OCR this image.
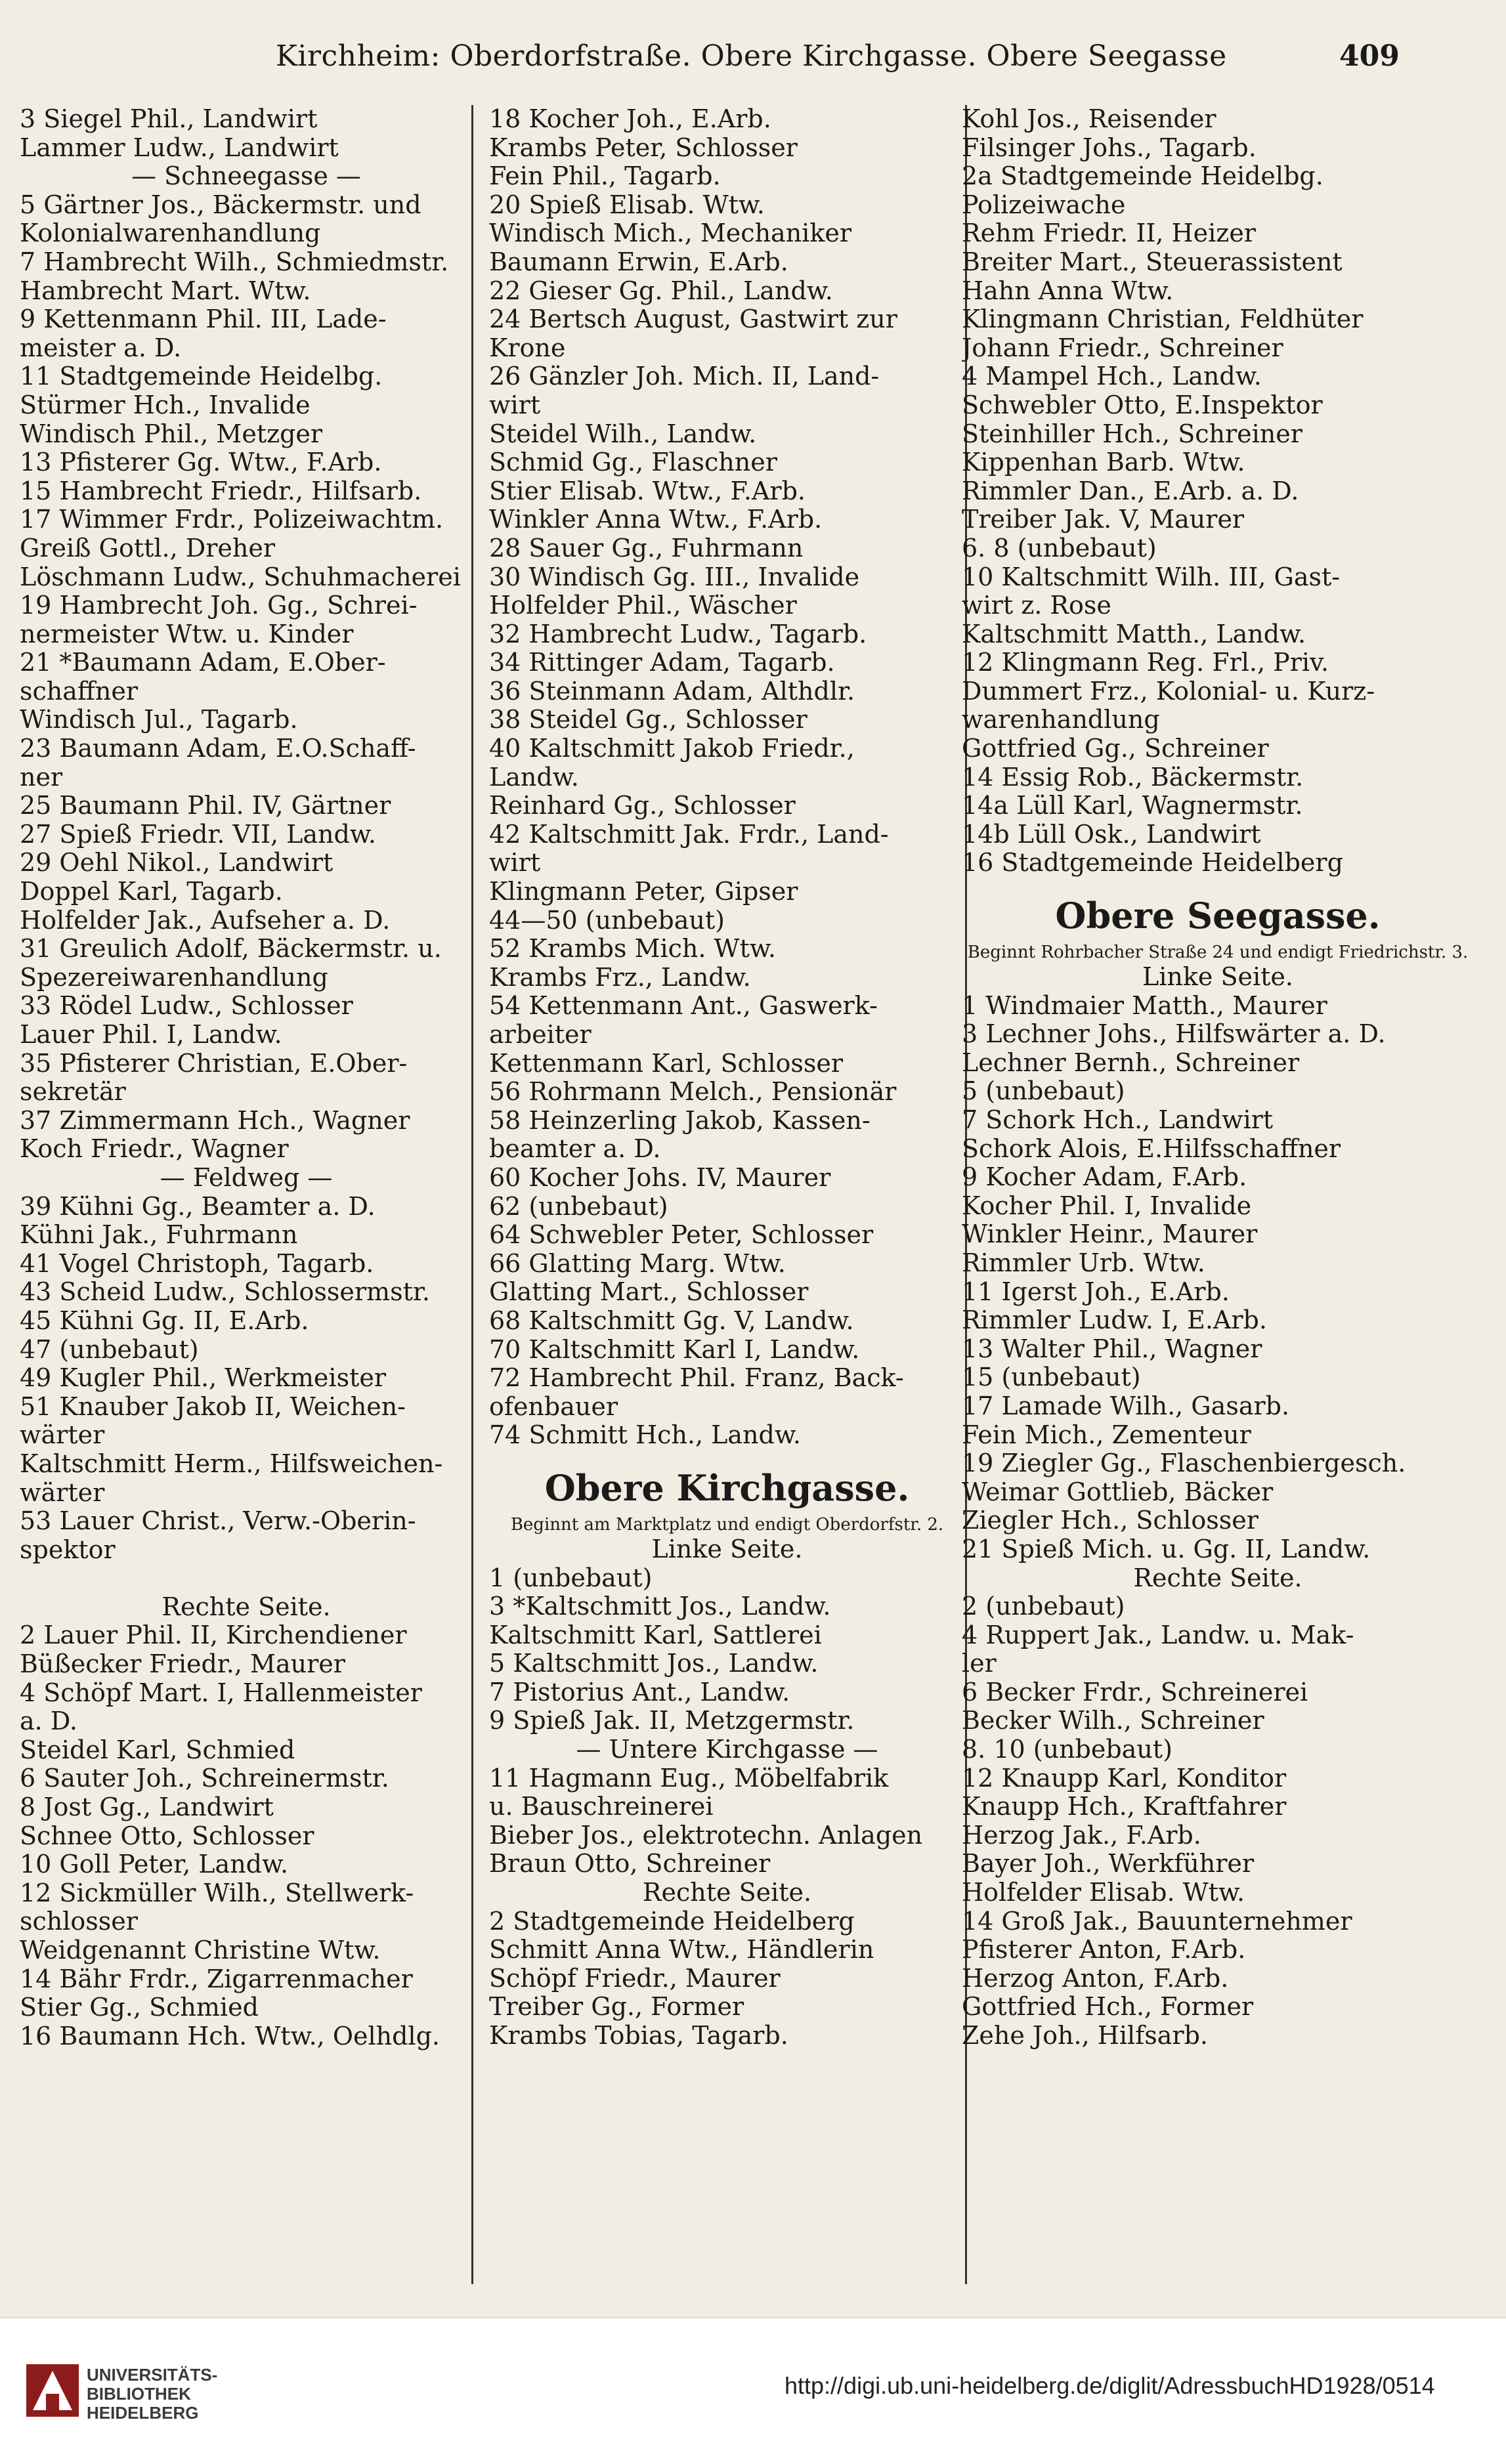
Kirchheim: Oberdorfstraße. Obere Kirchgasse. Obere Seegasse	409
3 Siegel Phil., Landwirt
Lammer Ludw., Landwirt
— Schneegasse —
5 Gärtner Jos., Bäckermstr. und
Kolonialwarenhandlung
7 Hambrecht Wilh., Schmiedmstr.
Hambrecht Mart. Wtw.
9 Kettenmann Phil. III, Lade-
meister a. D.
11 Stadtgemeinde Heidelbg.
Stürmer Hch., Invalide
Windisch Phil., Metzger
13 Pfisterer Gg. Wtw., F.Arb.
15 Hambrecht Friedr., Hilfsarb.
17 Wimmer Frdr., Polizeiwachtm.
Greiß Gottl., Dreher
Löschmann Ludw., Schuhmacherei
19 Hambrecht Joh. Gg., Schrei-
nermeister Wtw. u. Kinder
21 *Baumann Adam, E.Ober-
schaffner
Windisch Jul., Tagarb.
23 Baumann Adam, E.O.Schaff-
ner
25 Baumann Phil. IV, Gärtner
27 Spieß Friedr. VII, Landw.
29 Oehl Nikol., Landwirt
Doppel Karl, Tagarb.
Holfelder Jak., Aufseher a. D.
31 Greulich Adolf, Bäckermstr. u.
Spezereiwarenhandlung
33 Rödel Ludw., Schlosser
Lauer Phil. I, Landw.
35 Pfisterer Christian, E.Ober-
sekretär
37 Zimmermann Hch., Wagner
Koch Friedr., Wagner
— Feldweg —
39 Kühni Gg., Beamter a. D.
Kühni Jak., Fuhrmann
41 Vogel Christoph, Tagarb.
43 Scheid Ludw., Schlossermstr.
45 Kühni Gg. II, E.Arb.
47 (unbebaut)
49 Kugler Phil., Werkmeister
51 Knauber Jakob II, Weichen-
wärter
Kaltschmitt Herm., Hilfsweichen-
wärter
53 Lauer Christ., Verw.-Oberin-
spektor
Rechte Seite.
2 Lauer Phil. II, Kirchendiener
Büßecker Friedr., Maurer
4 Schöpf Mart. I, Hallenmeister
a. D.
Steidel Karl, Schmied
6 Sauter Joh., Schreinermstr.
8 Jost Gg., Landwirt
Schnee Otto, Schlosser
10 Goll Peter, Landw.
12 Sickmüller Wilh., Stellwerk-
schlosser
Weidgenannt Christine Wtw.
14 Bähr Frdr., Zigarrenmacher
Stier Gg., Schmied
16 Baumann Hch. Wtw., Oelhdlg.
18 Kocher Joh., E.Arb.
Krambs Peter, Schlosser
Fein Phil., Tagarb.
20 Spieß Elisab. Wtw.
Windisch Mich., Mechaniker
Baumann Erwin, E.Arb.
22 Gieser Gg. Phil., Landw.
24 Bertsch August, Gastwirt zur
Krone
26 Gänzler Joh. Mich. II, Land-
wirt
Steidel Wilh., Landw.
Schmid Gg., Flaschner
Stier Elisab. Wtw., F.Arb.
Winkler Anna Wtw., F.Arb.
28 Sauer Gg., Fuhrmann
30 Windisch Gg. III., Invalide
Holfelder Phil., Wäscher
32 Hambrecht Ludw., Tagarb.
34 Rittinger Adam, Tagarb.
36 Steinmann Adam, Althdlr.
38 Steidel Gg., Schlosser
40 Kaltschmitt Jakob Friedr.,
Landw.
Reinhard Gg., Schlosser
42 Kaltschmitt Jak. Frdr., Land-
wirt
Klingmann Peter, Gipser
44—50 (unbebaut)
52 Krambs Mich. Wtw.
Krambs Frz., Landw.
54 Kettenmann Ant., Gaswerk-
arbeiter
Kettenmann Karl, Schlosser
56 Rohrmann Melch., Pensionär
58 Heinzerling Jakob, Kassen-
beamter a. D.
60 Kocher Johs. IV, Maurer
62 (unbebaut)
64 Schwebler Peter, Schlosser
66 Glatting Marg. Wtw.
Glatting Mart., Schlosser
68 Kaltschmitt Gg. V, Landw.
70 Kaltschmitt Karl I, Landw.
72 Hambrecht Phil. Franz, Back-
ofenbauer
74 Schmitt Hch., Landw.
Obere Kirchgasse.
Beginnt am Marktplatz und endigt Oberdorfstr. 2.
Linke Seite.
1 (unbebaut)
3 *Kaltschmitt Jos., Landw.
Kaltschmitt Karl, Sattlerei
5 Kaltschmitt Jos., Landw.
7 Pistorius Ant., Landw.
9 Spieß Jak. II, Metzgermstr.
— Untere Kirchgasse —
11 Hagmann Eug., Möbelfabrik
u. Bauschreinerei
Bieber Jos., elektrotechn. Anlagen
Braun Otto, Schreiner
Rechte Seite.
2 Stadtgemeinde Heidelberg
Schmitt Anna Wtw., Händlerin
Schöpf Friedr., Maurer
Treiber Gg., Former
Krambs Tobias, Tagarb.
Kohl Jos., Reisender
Filsinger Johs., Tagarb.
2a Stadtgemeinde Heidelbg.
Polizeiwache
Rehm Friedr. II, Heizer
Breiter Mart., Steuerassistent
Hahn Anna Wtw.
Klingmann Christian, Feldhüter
Johann Friedr., Schreiner
4 Mampel Hch., Landw.
Schwebler Otto, E.Inspektor
Steinhiller Hch., Schreiner
Kippenhan Barb. Wtw.
Rimmler Dan., E.Arb. a. D.
Treiber Jak. V, Maurer
6. 8 (unbebaut)
10 Kaltschmitt Wilh. III, Gast-
wirt z. Rose
Kaltschmitt Matth., Landw.
12 Klingmann Reg. Frl., Priv.
Dummert Frz., Kolonial- u. Kurz-
warenhandlung
Gottfried Gg., Schreiner
14 Essig Rob., Bäckermstr.
14a Lüll Karl, Wagnermstr.
14b Lüll Osk., Landwirt
16 Stadtgemeinde Heidelberg
Obere Seegasse.
Beginnt Rohrbacher Straße 24 und endigt Friedrichstr. 3.
Linke Seite.
1 Windmaier Matth., Maurer
3 Lechner Johs., Hilfswärter a. D.
Lechner Bernh., Schreiner
5 (unbebaut)
7 Schork Hch., Landwirt
Schork Alois, E.Hilfsschaffner
9 Kocher Adam, F.Arb.
Kocher Phil. I, Invalide
Winkler Heinr., Maurer
Rimmler Urb. Wtw.
11 Igerst Joh., E.Arb.
Rimmler Ludw. I, E.Arb.
13 Walter Phil., Wagner
15 (unbebaut)
17 Lamade Wilh., Gasarb.
Fein Mich., Zementeur
19 Ziegler Gg., Flaschenbiergesch.
Weimar Gottlieb, Bäcker
Ziegler Hch., Schlosser
21 Spieß Mich. u. Gg. II, Landw.
Rechte Seite.
2 (unbebaut)
4 Ruppert Jak., Landw. u. Mak-
ler
6 Becker Frdr., Schreinerei
Becker Wilh., Schreiner
8. 10 (unbebaut)
12 Knaupp Karl, Konditor
Knaupp Hch., Kraftfahrer
Herzog Jak., F.Arb.
Bayer Joh., Werkführer
Holfelder Elisab. Wtw.
14 Groß Jak., Bauunternehmer
Pfisterer Anton, F.Arb.
Herzog Anton, F.Arb.
Gottfried Hch., Former
Zehe Joh., Hilfsarb.
UNIVERSITÄTS-
BIBLIOTHEK
HEIDELBERG
http://digi.ub.uni-heidelberg.de/diglit/AdressbuchHD1928/0514
